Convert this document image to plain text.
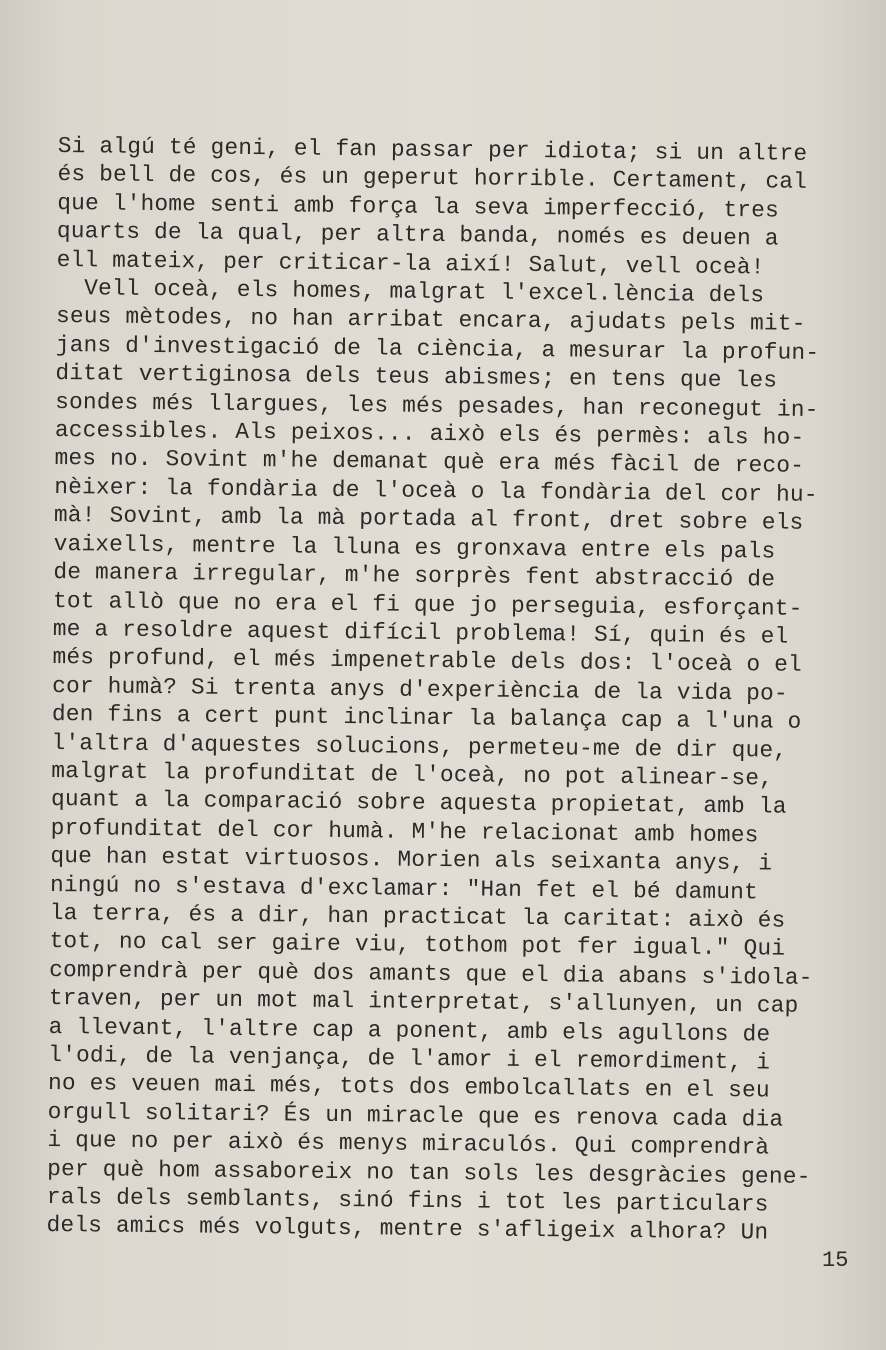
Si algú té geni, el fan passar per idiota; si un altre
és bell de cos, és un geperut horrible. Certament, cal
que l'home senti amb força la seva imperfecció, tres
quarts de la qual, per altra banda, només es deuen a
ell mateix, per criticar-la així! Salut, vell oceà!
Vell oceà, els homes, malgrat l'excel.lència dels
seus mètodes, no han arribat encara, ajudats pels mit-
jans d'investigació de la ciència, a mesurar la profun-
ditat vertiginosa dels teus abismes; en tens que les
sondes més llargues, les més pesades, han reconegut in-
accessibles. Als peixos... això els és permès: als ho-
mes no. Sovint m'he demanat què era més fàcil de reco-
nèixer: la fondària de l'oceà o la fondària del cor hu-
mà! Sovint, amb la mà portada al front, dret sobre els
vaixells, mentre la lluna es gronxava entre els pals
de manera irregular, m'he sorprès fent abstracció de
tot allò que no era el fi que jo perseguia, esforçant-
me a resoldre aquest difícil problema! Sí, quin és el
més profund, el més impenetrable dels dos: l'oceà o el
cor humà? Si trenta anys d'experiència de la vida po-
den fins a cert punt inclinar la balança cap a l'una o
l'altra d'aquestes solucions, permeteu-me de dir que,
malgrat la profunditat de l'oceà, no pot alinear-se,
quant a la comparació sobre aquesta propietat, amb la
profunditat del cor humà. M'he relacionat amb homes
que han estat virtuosos. Morien als seixanta anys, i
ningú no s'estava d'exclamar: "Han fet el bé damunt
la terra, és a dir, han practicat la caritat: això és
tot, no cal ser gaire viu, tothom pot fer igual." Qui
comprendrà per què dos amants que el dia abans s'idola-
traven, per un mot mal interpretat, s'allunyen, un cap
a llevant, l'altre cap a ponent, amb els agullons de
l'odi, de la venjança, de l'amor i el remordiment, i
no es veuen mai més, tots dos embolcallats en el seu
orgull solitari? És un miracle que es renova cada dia
i que no per això és menys miraculós. Qui comprendrà
per què hom assaboreix no tan sols les desgràcies gene-
rals dels semblants, sinó fins i tot les particulars
dels amics més volguts, mentre s'afligeix alhora? Un
15
